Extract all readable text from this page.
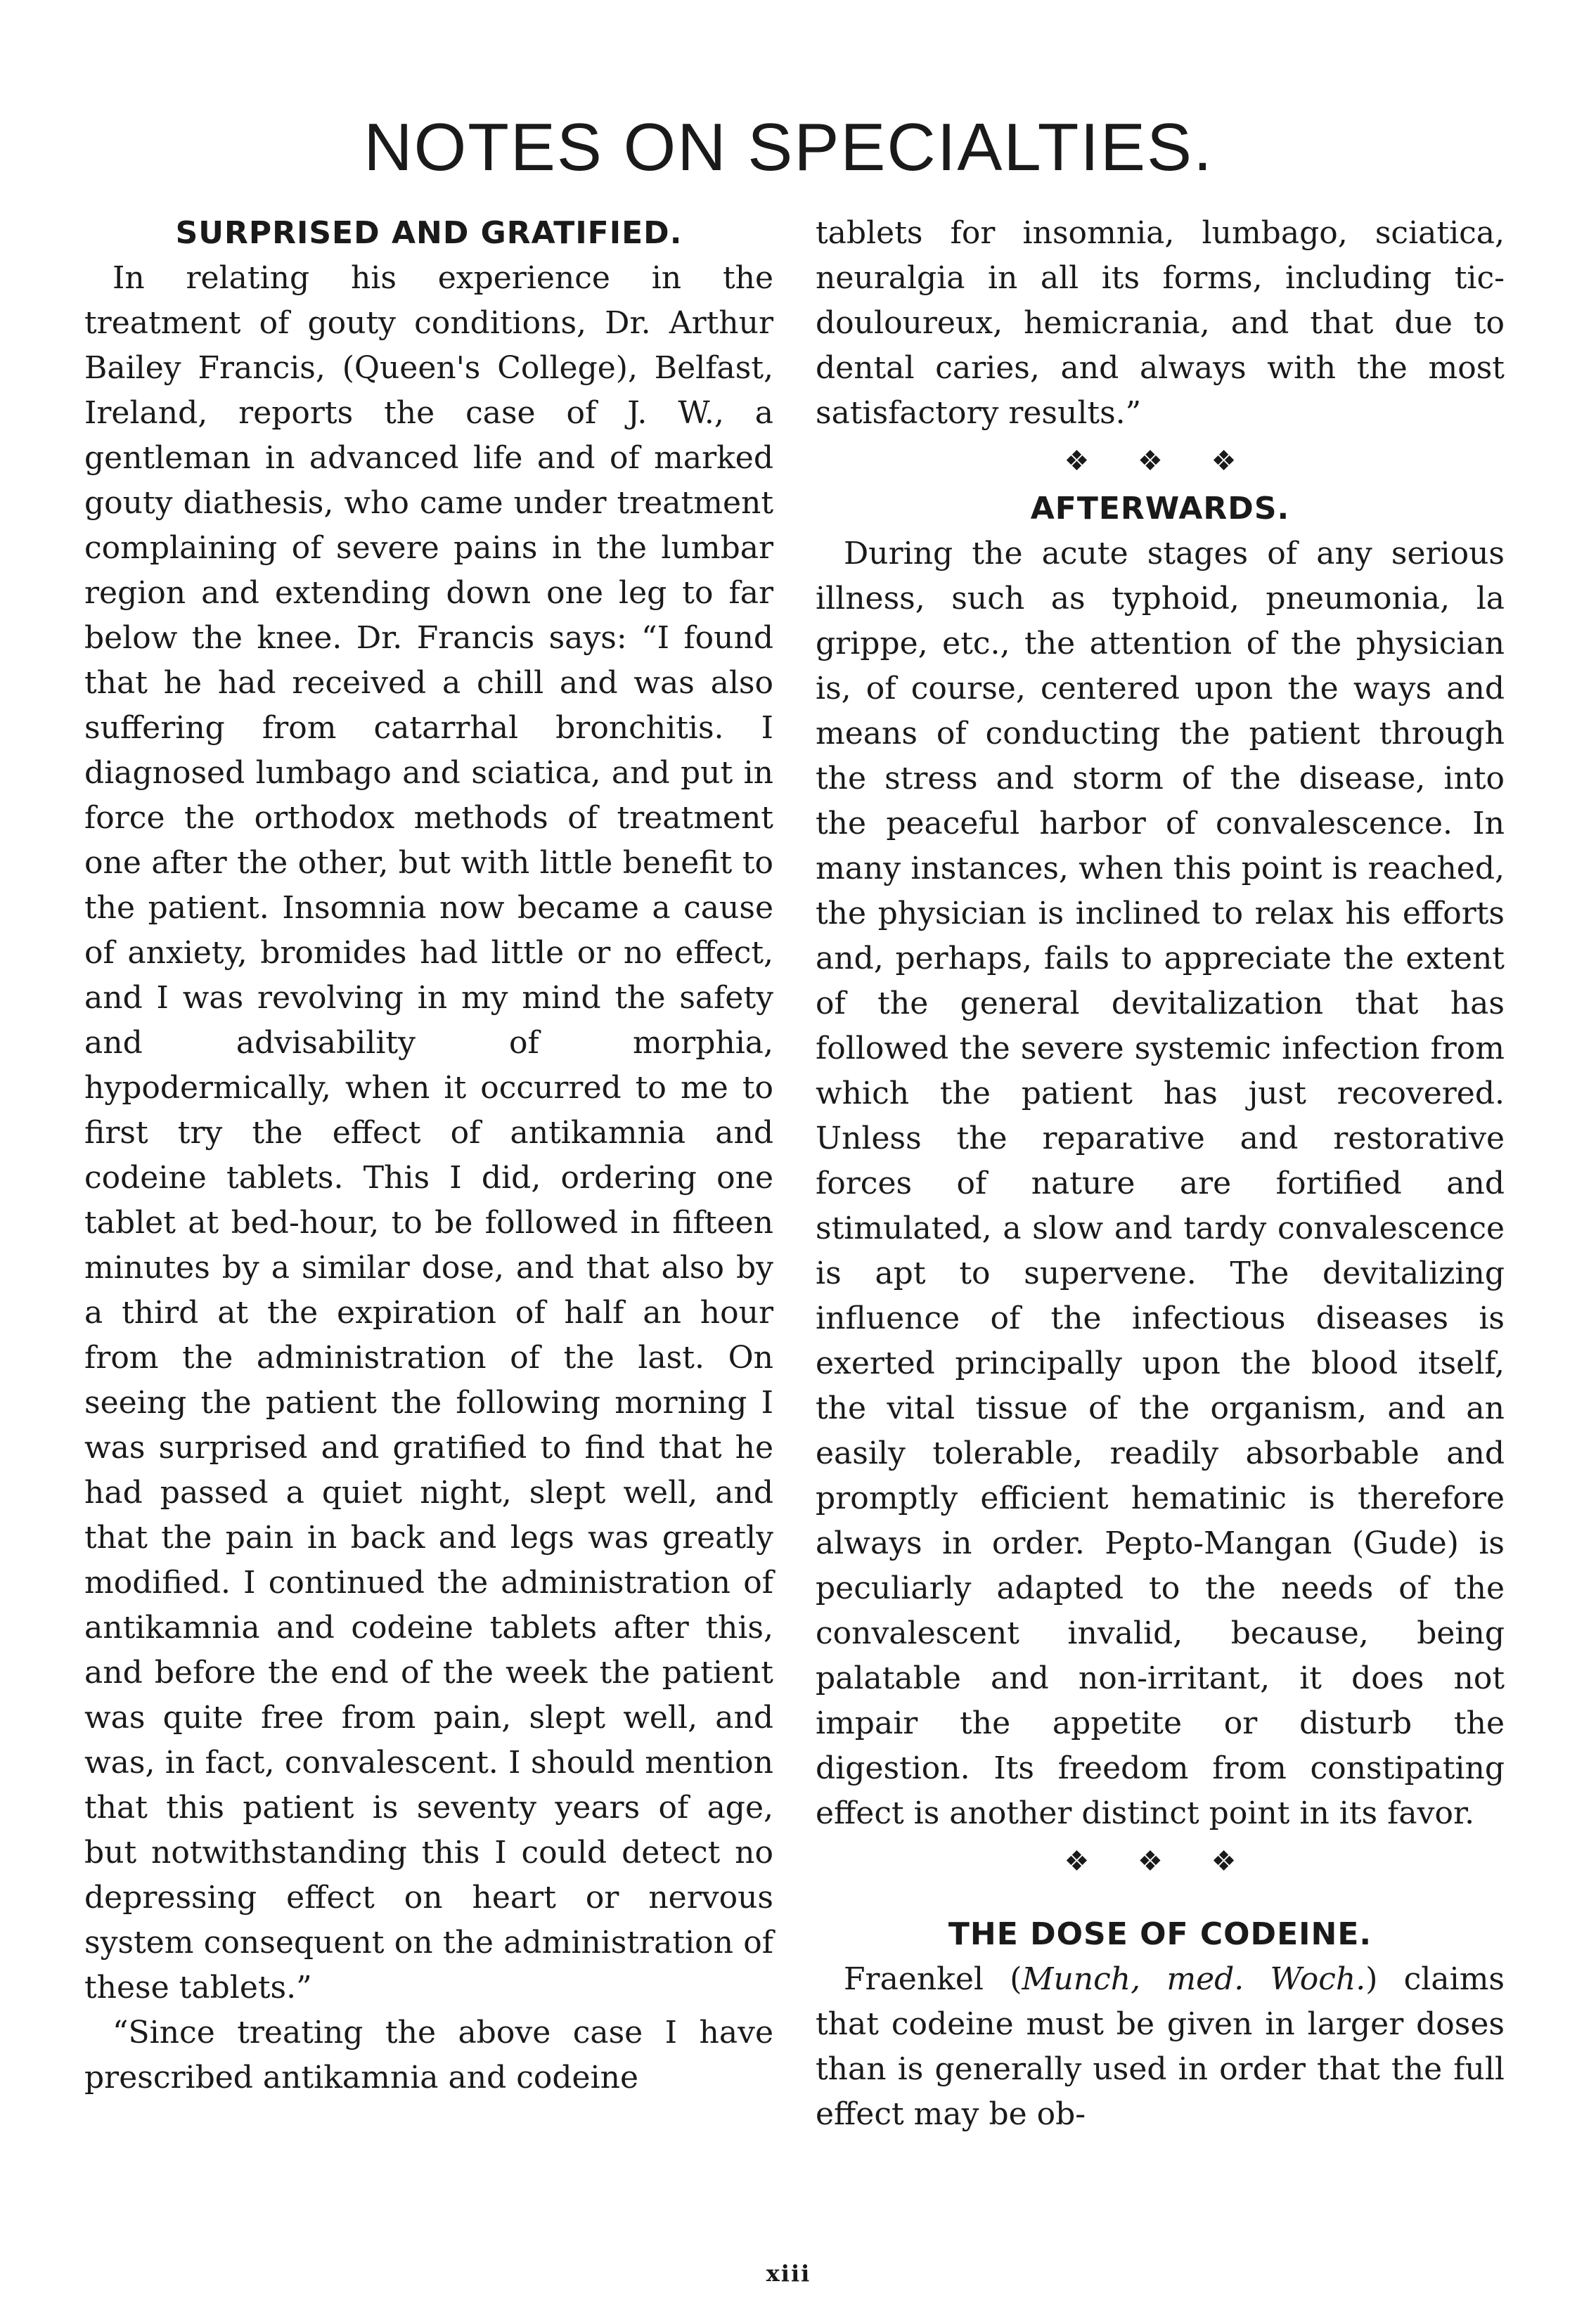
NOTES ON SPECIALTIES.
SURPRISED AND GRATIFIED.

In relating his experience in the treatment of gouty conditions, Dr. Arthur Bailey Francis, (Queen's College), Belfast, Ireland, reports the case of J. W., a gentleman in advanced life and of marked gouty diathesis, who came under treatment complaining of severe pains in the lumbar region and extending down one leg to far below the knee. Dr. Francis says: “I found that he had received a chill and was also suffering from catarrhal bronchitis. I diagnosed lumbago and sciatica, and put in force the orthodox methods of treatment one after the other, but with little benefit to the patient. Insomnia now became a cause of anxiety, bromides had little or no effect, and I was revolving in my mind the safety and advisability of morphia, hypodermically, when it occurred to me to first try the effect of antikamnia and codeine tablets. This I did, ordering one tablet at bed-hour, to be followed in fifteen minutes by a similar dose, and that also by a third at the expiration of half an hour from the administration of the last. On seeing the patient the following morning I was surprised and gratified to find that he had passed a quiet night, slept well, and that the pain in back and legs was greatly modified. I continued the administration of antikamnia and codeine tablets after this, and before the end of the week the patient was quite free from pain, slept well, and was, in fact, convalescent. I should mention that this patient is seventy years of age, but notwithstanding this I could detect no depressing effect on heart or nervous system consequent on the administration of these tablets.”

“Since treating the above case I have prescribed antikamnia and codeine

tablets for insomnia, lumbago, sciatica, neuralgia in all its forms, including tic-douloureux, hemicrania, and that due to dental caries, and always with the most satisfactory results.”

❖ ❖ ❖
AFTERWARDS.

During the acute stages of any serious illness, such as typhoid, pneumonia, la grippe, etc., the attention of the physician is, of course, centered upon the ways and means of conducting the patient through the stress and storm of the disease, into the peaceful harbor of convalescence. In many instances, when this point is reached, the physician is inclined to relax his efforts and, perhaps, fails to appreciate the extent of the general devitalization that has followed the severe systemic infection from which the patient has just recovered. Unless the reparative and restorative forces of nature are fortified and stimulated, a slow and tardy convalescence is apt to supervene. The devitalizing influence of the infectious diseases is exerted principally upon the blood itself, the vital tissue of the organism, and an easily tolerable, readily absorbable and promptly efficient hematinic is therefore always in order. Pepto-Mangan (Gude) is peculiarly adapted to the needs of the convalescent invalid, because, being palatable and non-irritant, it does not impair the appetite or disturb the digestion. Its freedom from constipating effect is another distinct point in its favor.

❖ ❖ ❖
THE DOSE OF CODEINE.

Fraenkel (Munch, med. Woch.) claims that codeine must be given in larger doses than is generally used in order that the full effect may be ob-

xiii
